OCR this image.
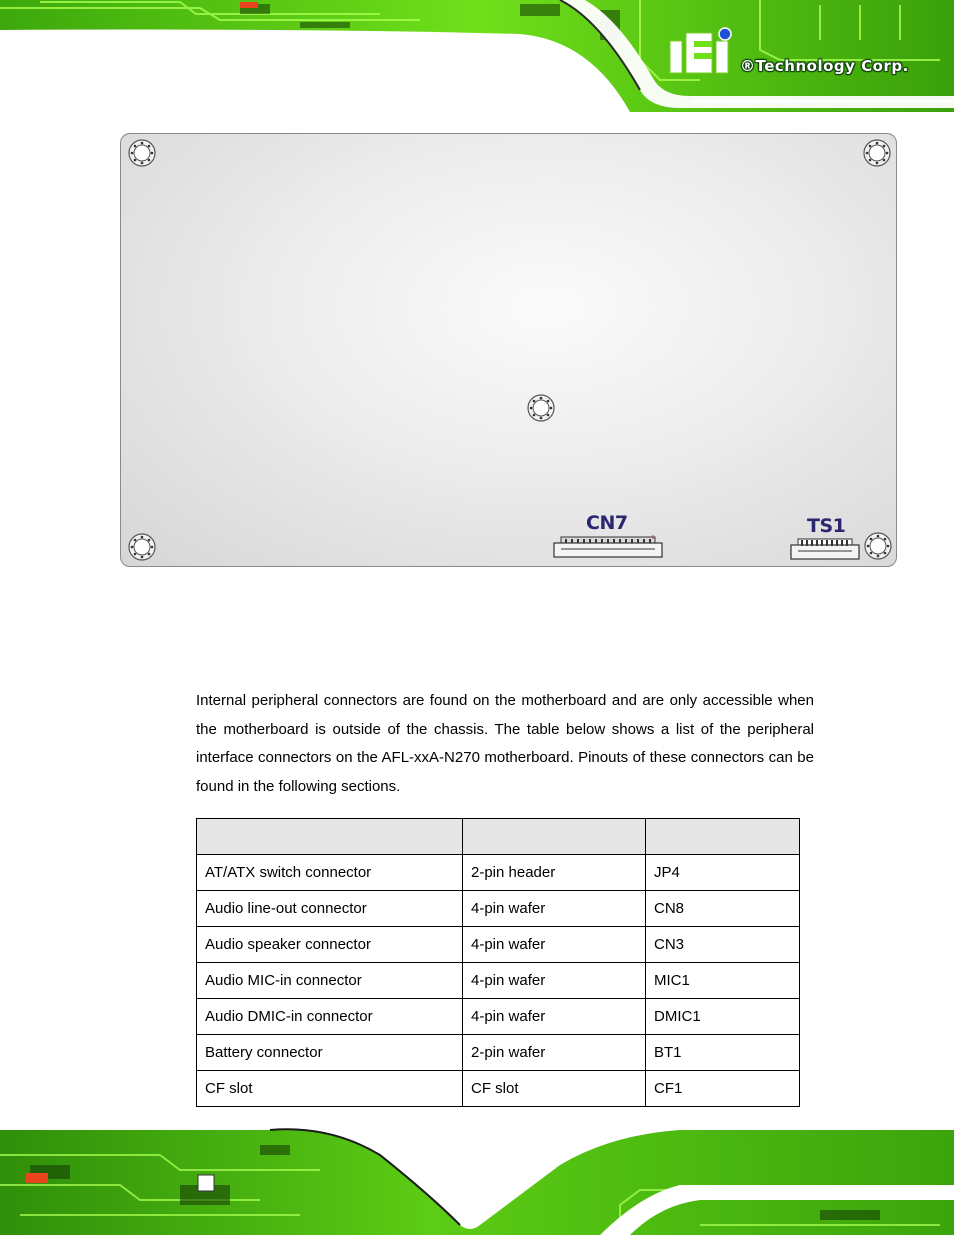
®Technology Corp.
CN7	TS1

Internal peripheral connectors are found on the motherboard and are only accessible when the motherboard is outside of the chassis. The table below shows a list of the peripheral interface connectors on the AFL-xxA-N270 motherboard. Pinouts of these connectors can be found in the following sections.

AT/ATX switch connector	2-pin header	JP4
Audio line-out connector	4-pin wafer	CN8
Audio speaker connector	4-pin wafer	CN3
Audio MIC-in connector	4-pin wafer	MIC1
Audio DMIC-in connector	4-pin wafer	DMIC1
Battery connector	2-pin wafer	BT1
CF slot	CF slot	CF1
